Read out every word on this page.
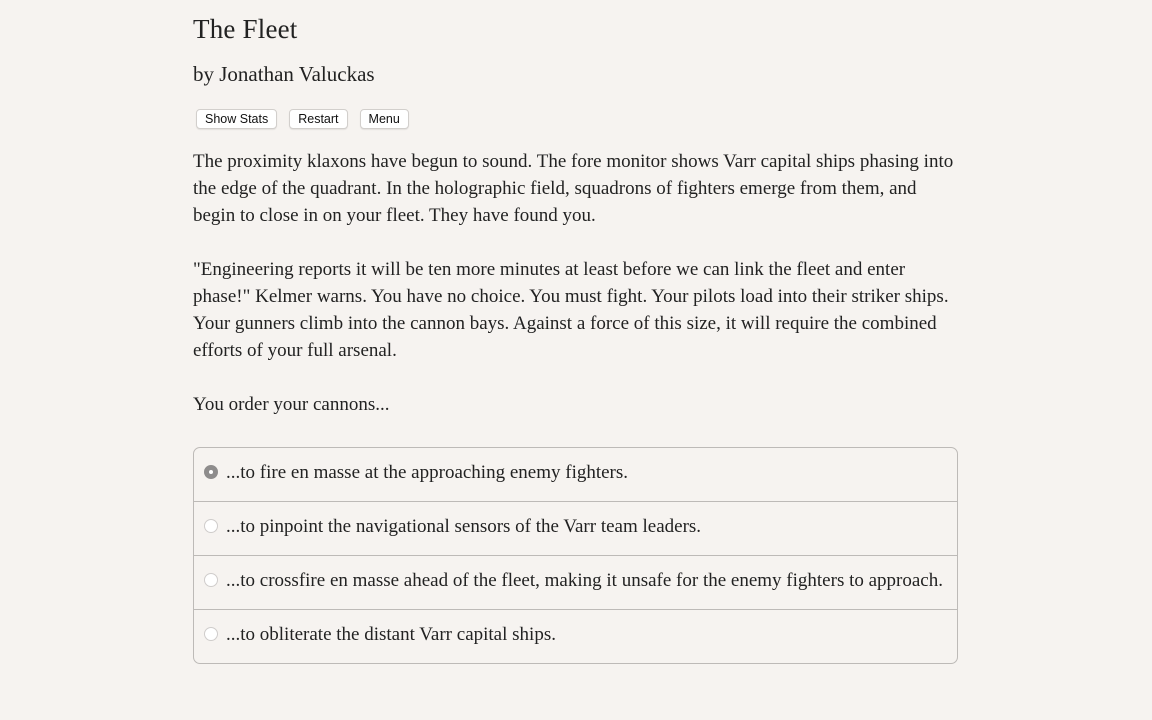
The Fleet
by Jonathan Valuckas
Show Stats	Restart	Menu

The proximity klaxons have begun to sound. The fore monitor shows Varr capital ships phasing into the edge of the quadrant. In the holographic field, squadrons of fighters emerge from them, and begin to close in on your fleet. They have found you.

"Engineering reports it will be ten more minutes at least before we can link the fleet and enter phase!" Kelmer warns. You have no choice. You must fight. Your pilots load into their striker ships. Your gunners climb into the cannon bays. Against a force of this size, it will require the combined efforts of your full arsenal.

You order your cannons...

...to fire en masse at the approaching enemy fighters.
...to pinpoint the navigational sensors of the Varr team leaders.
...to crossfire en masse ahead of the fleet, making it unsafe for the enemy fighters to approach.
...to obliterate the distant Varr capital ships.
